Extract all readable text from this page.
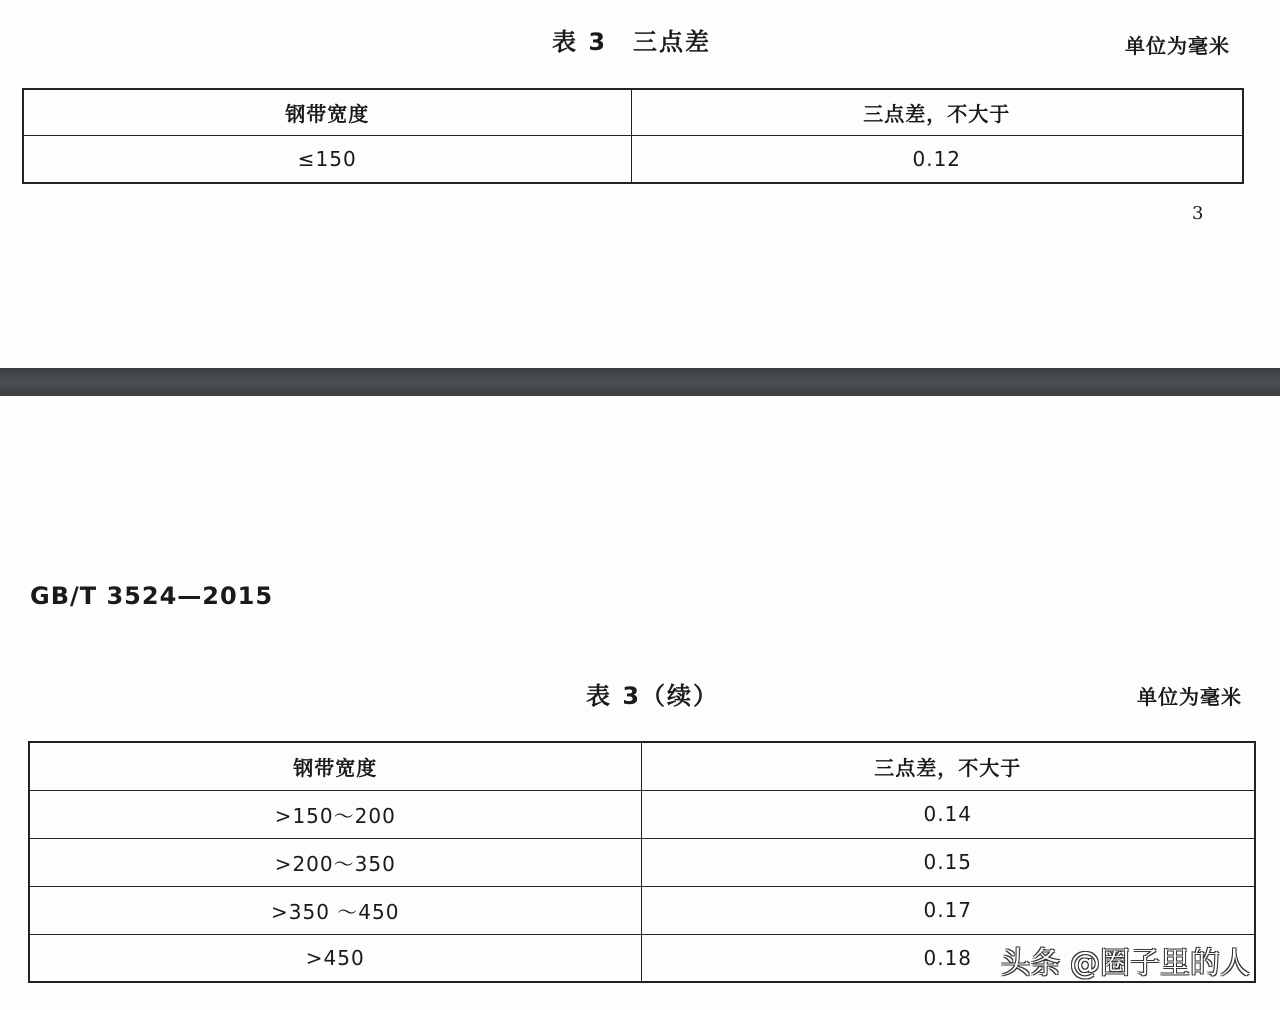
表 3　三点差	单位为毫米
钢带宽度	三点差，不大于
≤150	0.12
3
GB/T 3524—2015
表 3（续）	单位为毫米
钢带宽度	三点差，不大于
>150～200	0.14
>200～350	0.15
>350 ～450	0.17
>450	0.18 头条 @圈子里的人
